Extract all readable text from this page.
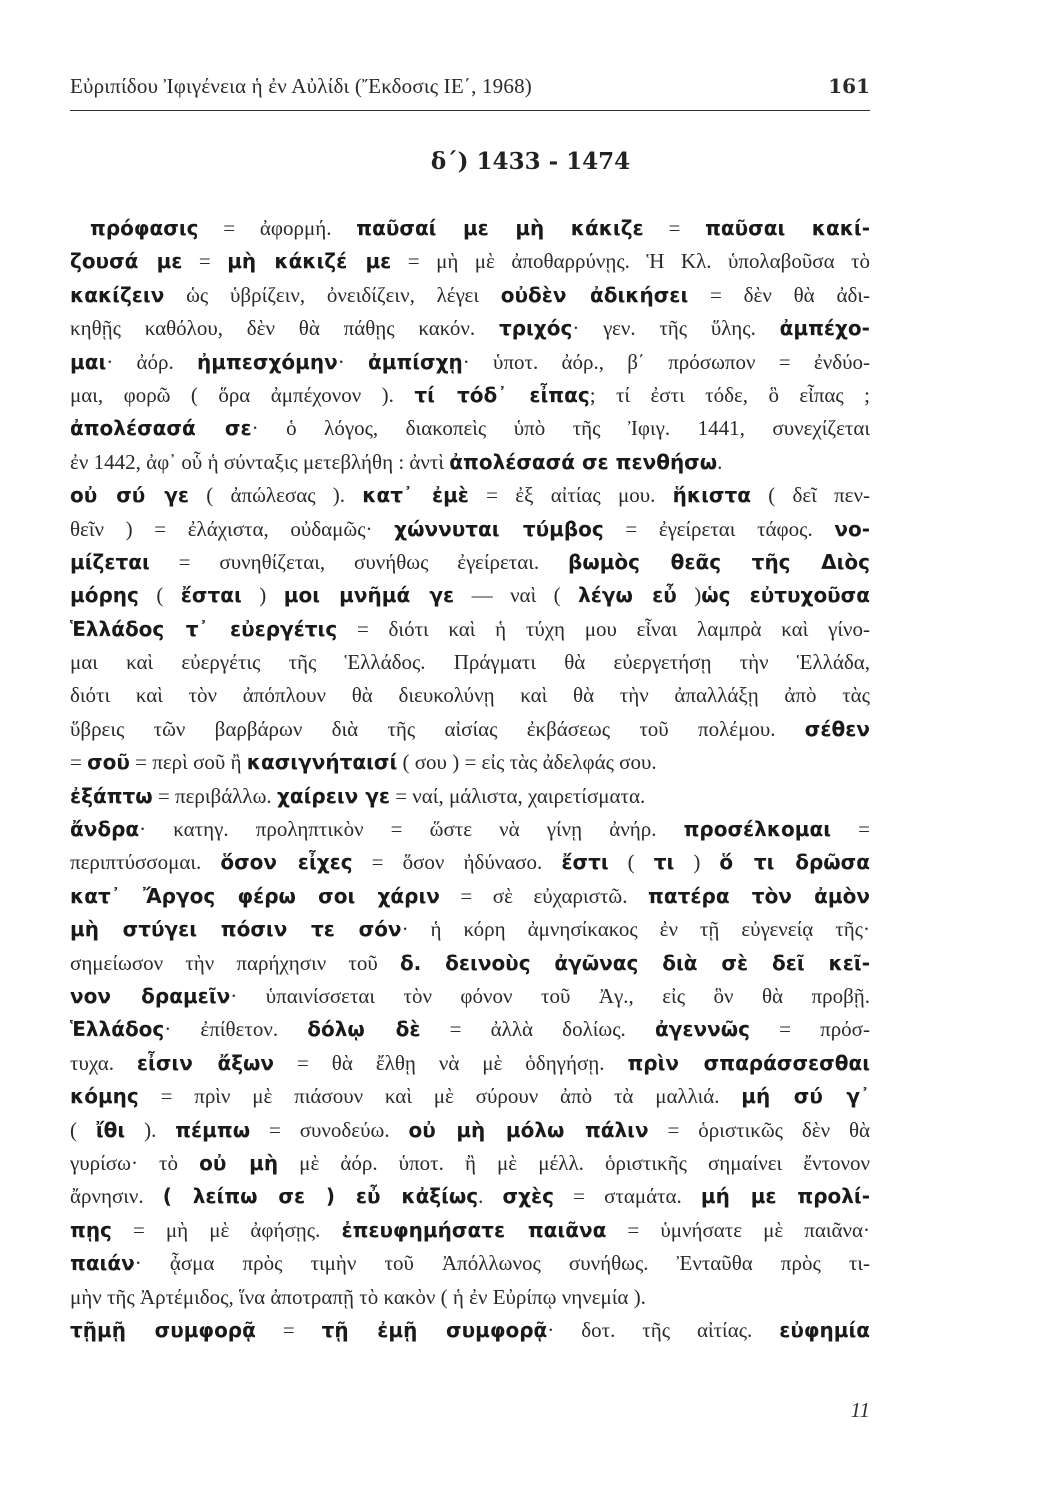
Εὐριπίδου Ἰφιγένεια ἡ ἐν Αὐλίδι (Ἔκδοσις ΙΕ΄, 1968)	161
δ΄) 1433 - 1474
πρόφασις = ἀφορμή. παῦσαί με μὴ κάκιζε = παῦσαι κακί-
ζουσά με = μὴ κάκιζέ με = μὴ μὲ ἀποθαρρύνῃς. Ἡ Κλ. ὑπολαβοῦσα τὸ
κακίζειν ὡς ὑβρίζειν, ὀνειδίζειν, λέγει οὐδὲν ἀδικήσει = δὲν θὰ ἀδι-
κηθῇς καθόλου, δὲν θὰ πάθῃς κακόν. τριχός· γεν. τῆς ὕλης. ἀμπέχο-
μαι· ἀόρ. ἠμπεσχόμην· ἀμπίσχῃ· ὑποτ. ἀόρ., β΄ πρόσωπον = ἐνδύο-
μαι, φορῶ ( ὅρα ἀμπέχονον ). τί τόδ᾽ εἶπας; τί ἐστι τόδε, ὃ εἶπας ;
ἀπολέσασά σε· ὁ λόγος, διακοπεὶς ὑπὸ τῆς Ἰφιγ. 1441, συνεχίζεται
ἐν 1442, ἀφ᾽ οὗ ἡ σύνταξις μετεβλήθη : ἀντὶ ἀπολέσασά σε πενθήσω.
οὐ σύ γε ( ἀπώλεσας ). κατ᾽ ἐμὲ = ἐξ αἰτίας μου. ἥκιστα ( δεῖ πεν-
θεῖν ) = ἐλάχιστα, οὐδαμῶς· χώννυται τύμβος = ἐγείρεται τάφος. νο-
μίζεται = συνηθίζεται, συνήθως ἐγείρεται. βωμὸς θεᾶς τῆς Διὸς
μόρης ( ἔσται ) μοι μνῆμά γε — ναὶ ( λέγω εὖ )ὡς εὐτυχοῦσα
Ἑλλάδος τ᾽ εὐεργέτις = διότι καὶ ἡ τύχη μου εἶναι λαμπρὰ καὶ γίνο-
μαι καὶ εὐεργέτις τῆς Ἑλλάδος. Πράγματι θὰ εὐεργετήσῃ τὴν Ἑλλάδα,
διότι καὶ τὸν ἀπόπλουν θὰ διευκολύνῃ καὶ θὰ τὴν ἀπαλλάξῃ ἀπὸ τὰς
ὕβρεις τῶν βαρβάρων διὰ τῆς αἰσίας ἐκβάσεως τοῦ πολέμου. σέθεν
= σοῦ = περὶ σοῦ ἢ κασιγνήταισί ( σου ) = εἰς τὰς ἀδελφάς σου.
ἐξάπτω = περιβάλλω. χαίρειν γε = ναί, μάλιστα, χαιρετίσματα.
ἄνδρα· κατηγ. προληπτικὸν = ὥστε νὰ γίνῃ ἀνήρ. προσέλκομαι =
περιπτύσσομαι. ὅσον εἶχες = ὅσον ἠδύνασο. ἔστι ( τι ) ὅ τι δρῶσα
κατ᾽ Ἄργος φέρω σοι χάριν = σὲ εὐχαριστῶ. πατέρα τὸν ἀμὸν
μὴ στύγει πόσιν τε σόν· ἡ κόρη ἀμνησίκακος ἐν τῇ εὐγενείᾳ τῆς·
σημείωσον τὴν παρήχησιν τοῦ δ. δεινοὺς ἀγῶνας διὰ σὲ δεῖ κεῖ-
νον δραμεῖν· ὑπαινίσσεται τὸν φόνον τοῦ Ἀγ., εἰς ὃν θὰ προβῇ.
Ἑλλάδος· ἐπίθετον. δόλῳ δὲ = ἀλλὰ δολίως. ἀγεννῶς = πρόσ-
τυχα. εἶσιν ἄξων = θὰ ἔλθῃ νὰ μὲ ὁδηγήσῃ. πρὶν σπαράσσεσθαι
κόμης = πρὶν μὲ πιάσουν καὶ μὲ σύρουν ἀπὸ τὰ μαλλιά. μή σύ γ᾽
( ἴθι ). πέμπω = συνοδεύω. οὐ μὴ μόλω πάλιν = ὁριστικῶς δὲν θὰ
γυρίσω· τὸ οὐ μὴ μὲ ἀόρ. ὑποτ. ἢ μὲ μέλλ. ὁριστικῆς σημαίνει ἔντονον
ἄρνησιν. ( λείπω σε ) εὖ κἀξίως. σχὲς = σταμάτα. μή με προλί-
πῃς = μὴ μὲ ἀφήσῃς. ἐπευφημήσατε παιᾶνα = ὑμνήσατε μὲ παιᾶνα·
παιάν· ᾆσμα πρὸς τιμὴν τοῦ Ἀπόλλωνος συνήθως. Ἐνταῦθα πρὸς τι-
μὴν τῆς Ἀρτέμιδος, ἵνα ἀποτραπῇ τὸ κακὸν ( ἡ ἐν Εὐρίπῳ νηνεμία ).
τῇμῇ συμφορᾷ = τῇ ἐμῇ συμφορᾷ· δοτ. τῆς αἰτίας. εὐφημία
11
